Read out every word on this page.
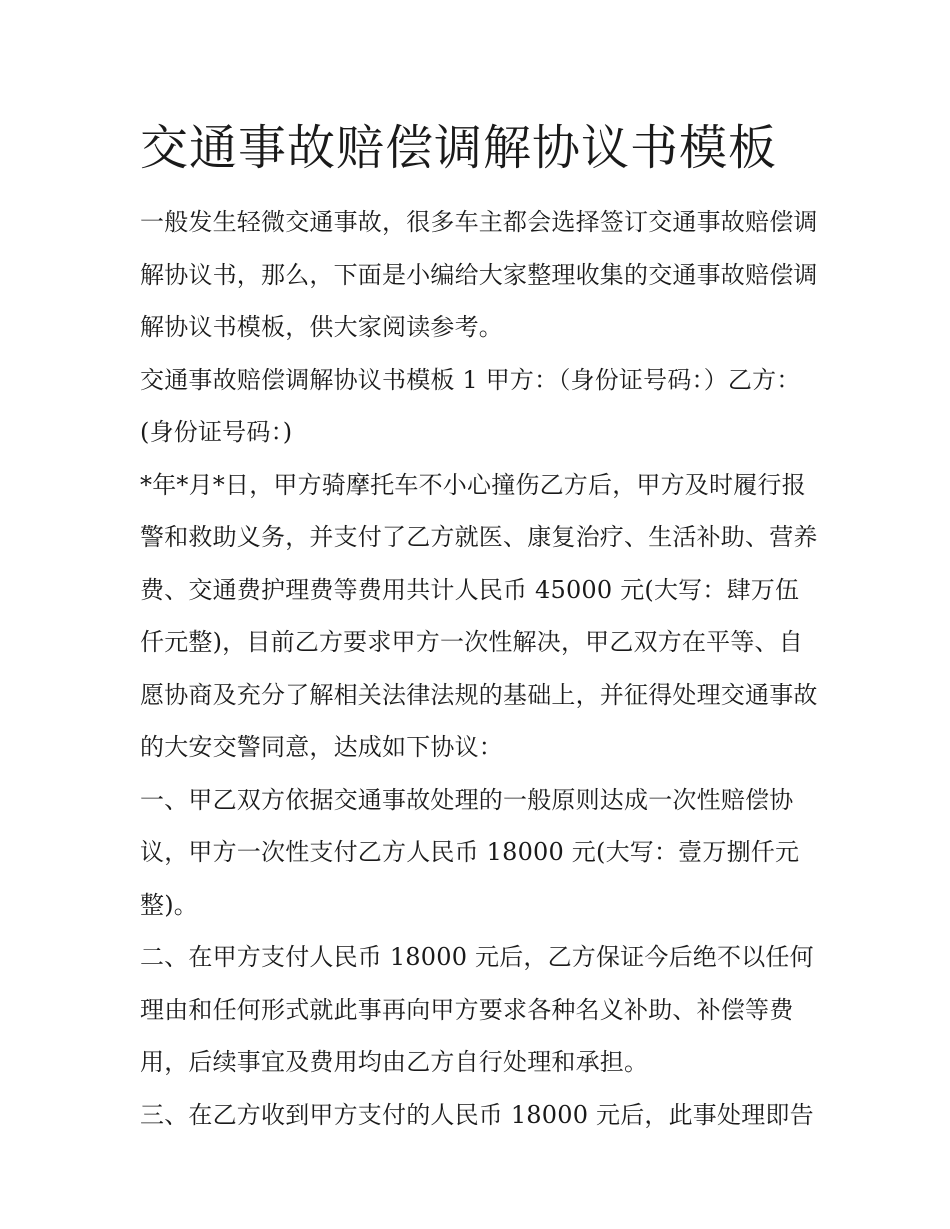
交通事故赔偿调解协议书模板

一般发生轻微交通事故，很多车主都会选择签订交通事故赔偿调解协议书，那么，下面是小编给大家整理收集的交通事故赔偿调解协议书模板，供大家阅读参考。

交通事故赔偿调解协议书模板 1 甲方：（身份证号码：）乙方：(身份证号码：)

*年*月*日，甲方骑摩托车不小心撞伤乙方后，甲方及时履行报警和救助义务，并支付了乙方就医、康复治疗、生活补助、营养费、交通费护理费等费用共计人民币 45000 元(大写：肆万伍仟元整)，目前乙方要求甲方一次性解决，甲乙双方在平等、自愿协商及充分了解相关法律法规的基础上，并征得处理交通事故的大安交警同意，达成如下协议：

一、甲乙双方依据交通事故处理的一般原则达成一次性赔偿协议，甲方一次性支付乙方人民币 18000 元(大写：壹万捌仟元整)。

二、在甲方支付人民币 18000 元后，乙方保证今后绝不以任何理由和任何形式就此事再向甲方要求各种名义补助、补偿等费用，后续事宜及费用均由乙方自行处理和承担。

三、在乙方收到甲方支付的人民币 18000 元后，此事处理即告
